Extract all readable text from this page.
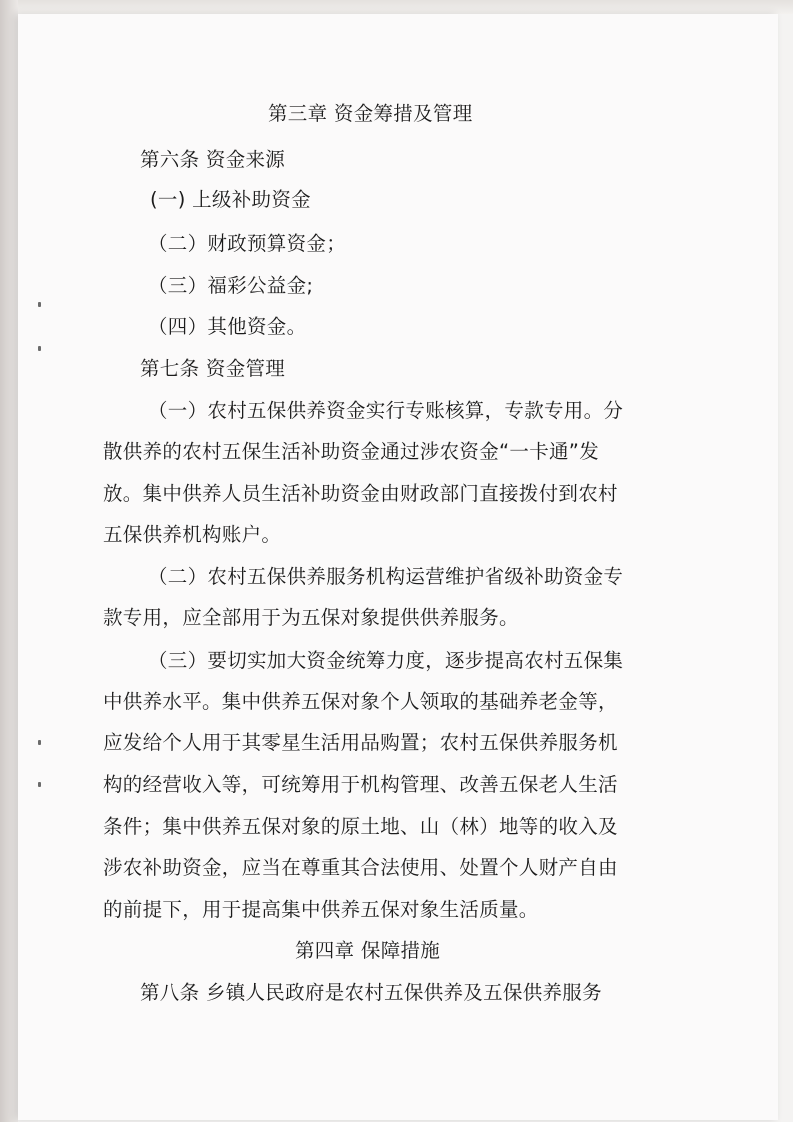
第三章 资金筹措及管理
第六条 资金来源
(一) 上级补助资金
（二）财政预算资金；
（三）福彩公益金;
（四）其他资金。
第七条 资金管理
（一）农村五保供养资金实行专账核算，专款专用。分
散供养的农村五保生活补助资金通过涉农资金“一卡通”发
放。集中供养人员生活补助资金由财政部门直接拨付到农村
五保供养机构账户。
（二）农村五保供养服务机构运营维护省级补助资金专
款专用，应全部用于为五保对象提供供养服务。
（三）要切实加大资金统筹力度，逐步提高农村五保集
中供养水平。集中供养五保对象个人领取的基础养老金等，
应发给个人用于其零星生活用品购置；农村五保供养服务机
构的经营收入等，可统筹用于机构管理、改善五保老人生活
条件；集中供养五保对象的原土地、山（林）地等的收入及
涉农补助资金，应当在尊重其合法使用、处置个人财产自由
的前提下，用于提高集中供养五保对象生活质量。
第四章 保障措施
第八条 乡镇人民政府是农村五保供养及五保供养服务
